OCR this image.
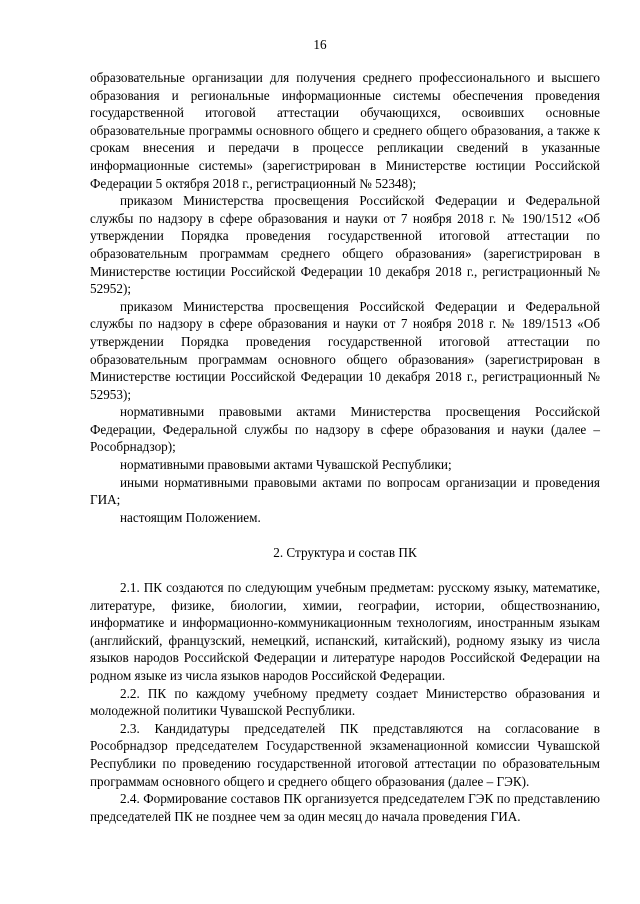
16

образовательные организации для получения среднего профессионального и высшего образования и региональные информационные системы обеспечения проведения государственной итоговой аттестации обучающихся, освоивших основные образовательные программы основного общего и среднего общего образования, а также к срокам внесения и передачи в процессе репликации сведений в указанные информационные системы» (зарегистрирован в Министерстве юстиции Российской Федерации 5 октября 2018 г., регистрационный № 52348);

приказом Министерства просвещения Российской Федерации и Федеральной службы по надзору в сфере образования и науки от 7 ноября 2018 г. № 190/1512 «Об утверждении Порядка проведения государственной итоговой аттестации по образовательным программам среднего общего образования» (зарегистрирован в Министерстве юстиции Российской Федерации 10 декабря 2018 г., регистрационный № 52952);

приказом Министерства просвещения Российской Федерации и Федеральной службы по надзору в сфере образования и науки от 7 ноября 2018 г. № 189/1513 «Об утверждении Порядка проведения государственной итоговой аттестации по образовательным программам основного общего образования» (зарегистрирован в Министерстве юстиции Российской Федерации 10 декабря 2018 г., регистрационный № 52953);

нормативными правовыми актами Министерства просвещения Российской Федерации, Федеральной службы по надзору в сфере образования и науки (далее – Рособрнадзор);

нормативными правовыми актами Чувашской Республики;

иными нормативными правовыми актами по вопросам организации и проведения ГИА;

настоящим Положением.

2. Структура и состав ПК

2.1. ПК создаются по следующим учебным предметам: русскому языку, математике, литературе, физике, биологии, химии, географии, истории, обществознанию, информатике и информационно-коммуникационным технологиям, иностранным языкам (английский, французский, немецкий, испанский, китайский), родному языку из числа языков народов Российской Федерации и литературе народов Российской Федерации на родном языке из числа языков народов Российской Федерации.

2.2. ПК по каждому учебному предмету создает Министерство образования и молодежной политики Чувашской Республики.

2.3. Кандидатуры председателей ПК представляются на согласование в Рособрнадзор председателем Государственной экзаменационной комиссии Чувашской Республики по проведению государственной итоговой аттестации по образовательным программам основного общего и среднего общего образования (далее – ГЭК).

2.4. Формирование составов ПК организуется председателем ГЭК по представлению председателей ПК не позднее чем за один месяц до начала проведения ГИА.
